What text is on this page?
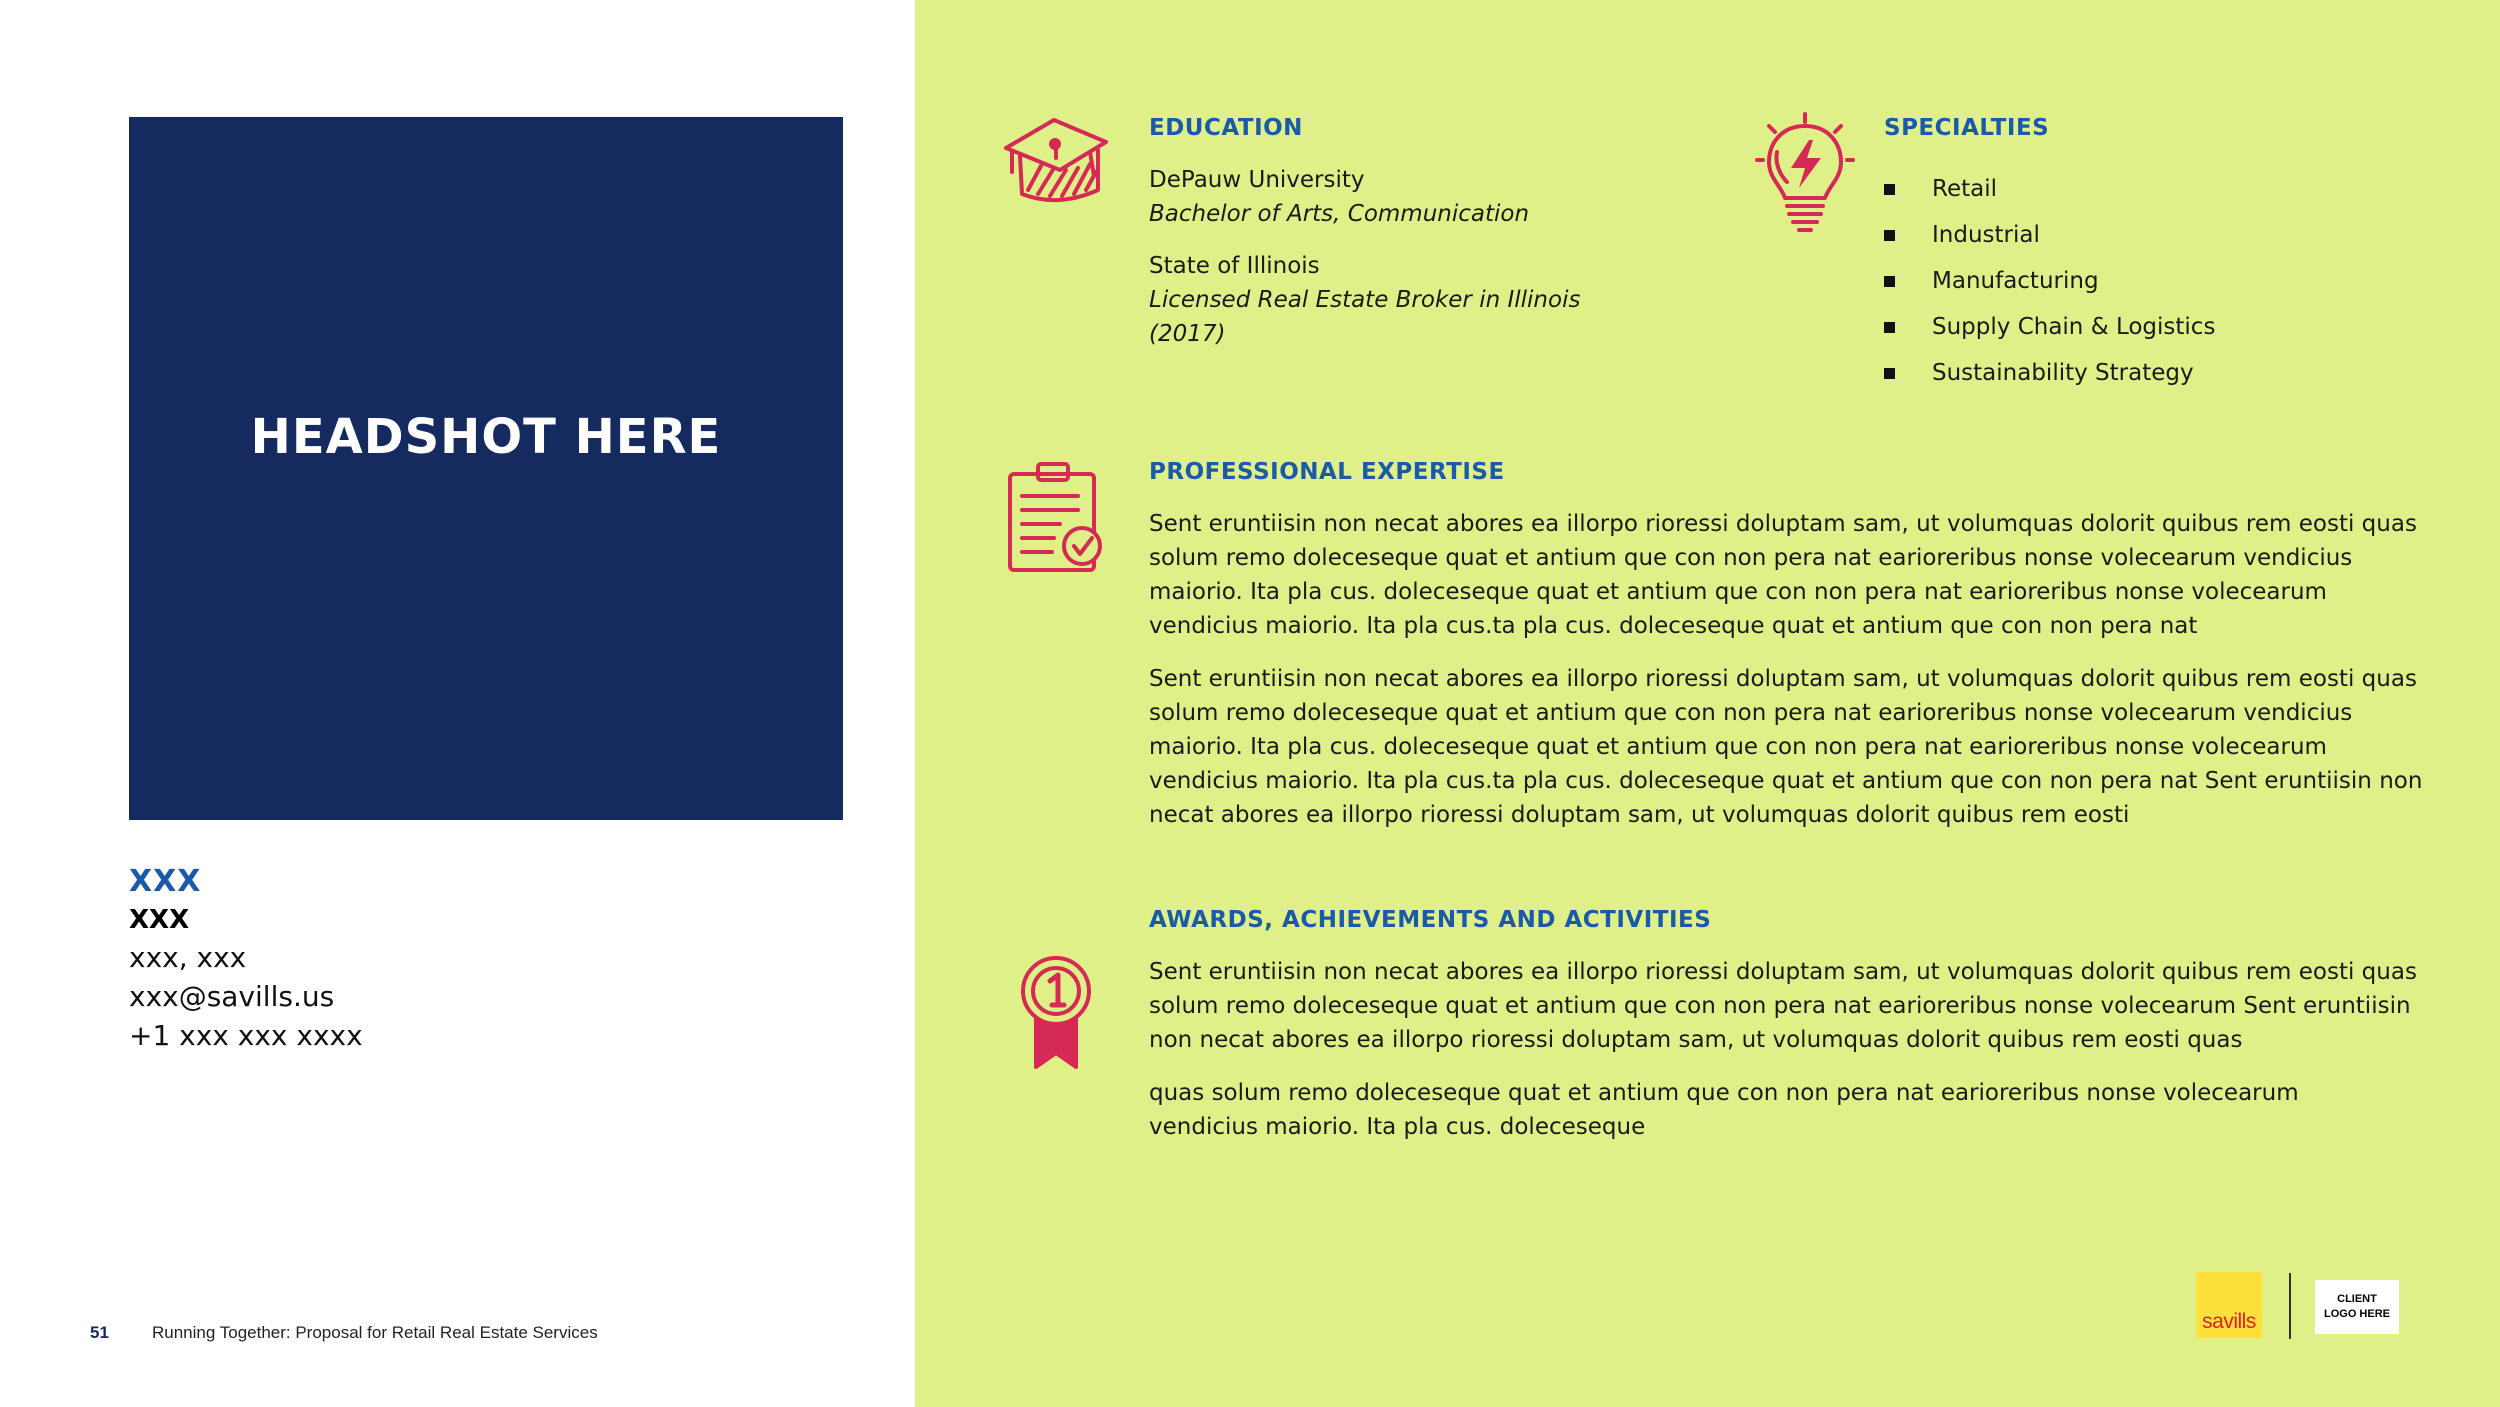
HEADSHOT HERE
XXX
XXX
xxx, xxx
xxx@savills.us
+1 xxx xxx xxxx
51	Running Together: Proposal for Retail Real Estate Services
EDUCATION
DePauw University
Bachelor of Arts, Communication
State of Illinois
Licensed Real Estate Broker in Illinois (2017)
SPECIALTIES
Retail
Industrial
Manufacturing
Supply Chain & Logistics
Sustainability Strategy
PROFESSIONAL EXPERTISE
Sent eruntiisin non necat abores ea illorpo rioressi doluptam sam, ut volumquas dolorit quibus rem eosti quas solum remo doleceseque quat et antium que con non pera nat earioreribus nonse volecearum vendicius maiorio. Ita pla cus. doleceseque quat et antium que con non pera nat earioreribus nonse volecearum vendicius maiorio. Ita pla cus.ta pla cus. doleceseque quat et antium que con non pera nat
Sent eruntiisin non necat abores ea illorpo rioressi doluptam sam, ut volumquas dolorit quibus rem eosti quas solum remo doleceseque quat et antium que con non pera nat earioreribus nonse volecearum vendicius maiorio. Ita pla cus. doleceseque quat et antium que con non pera nat earioreribus nonse volecearum vendicius maiorio. Ita pla cus.ta pla cus. doleceseque quat et antium que con non pera nat Sent eruntiisin non necat abores ea illorpo rioressi doluptam sam, ut volumquas dolorit quibus rem eosti
AWARDS, ACHIEVEMENTS AND ACTIVITIES
Sent eruntiisin non necat abores ea illorpo rioressi doluptam sam, ut volumquas dolorit quibus rem eosti quas solum remo doleceseque quat et antium que con non pera nat earioreribus nonse volecearum Sent eruntiisin non necat abores ea illorpo rioressi doluptam sam, ut volumquas dolorit quibus rem eosti quas
quas solum remo doleceseque quat et antium que con non pera nat earioreribus nonse volecearum vendicius maiorio. Ita pla cus. doleceseque
savills
CLIENT
LOGO HERE
